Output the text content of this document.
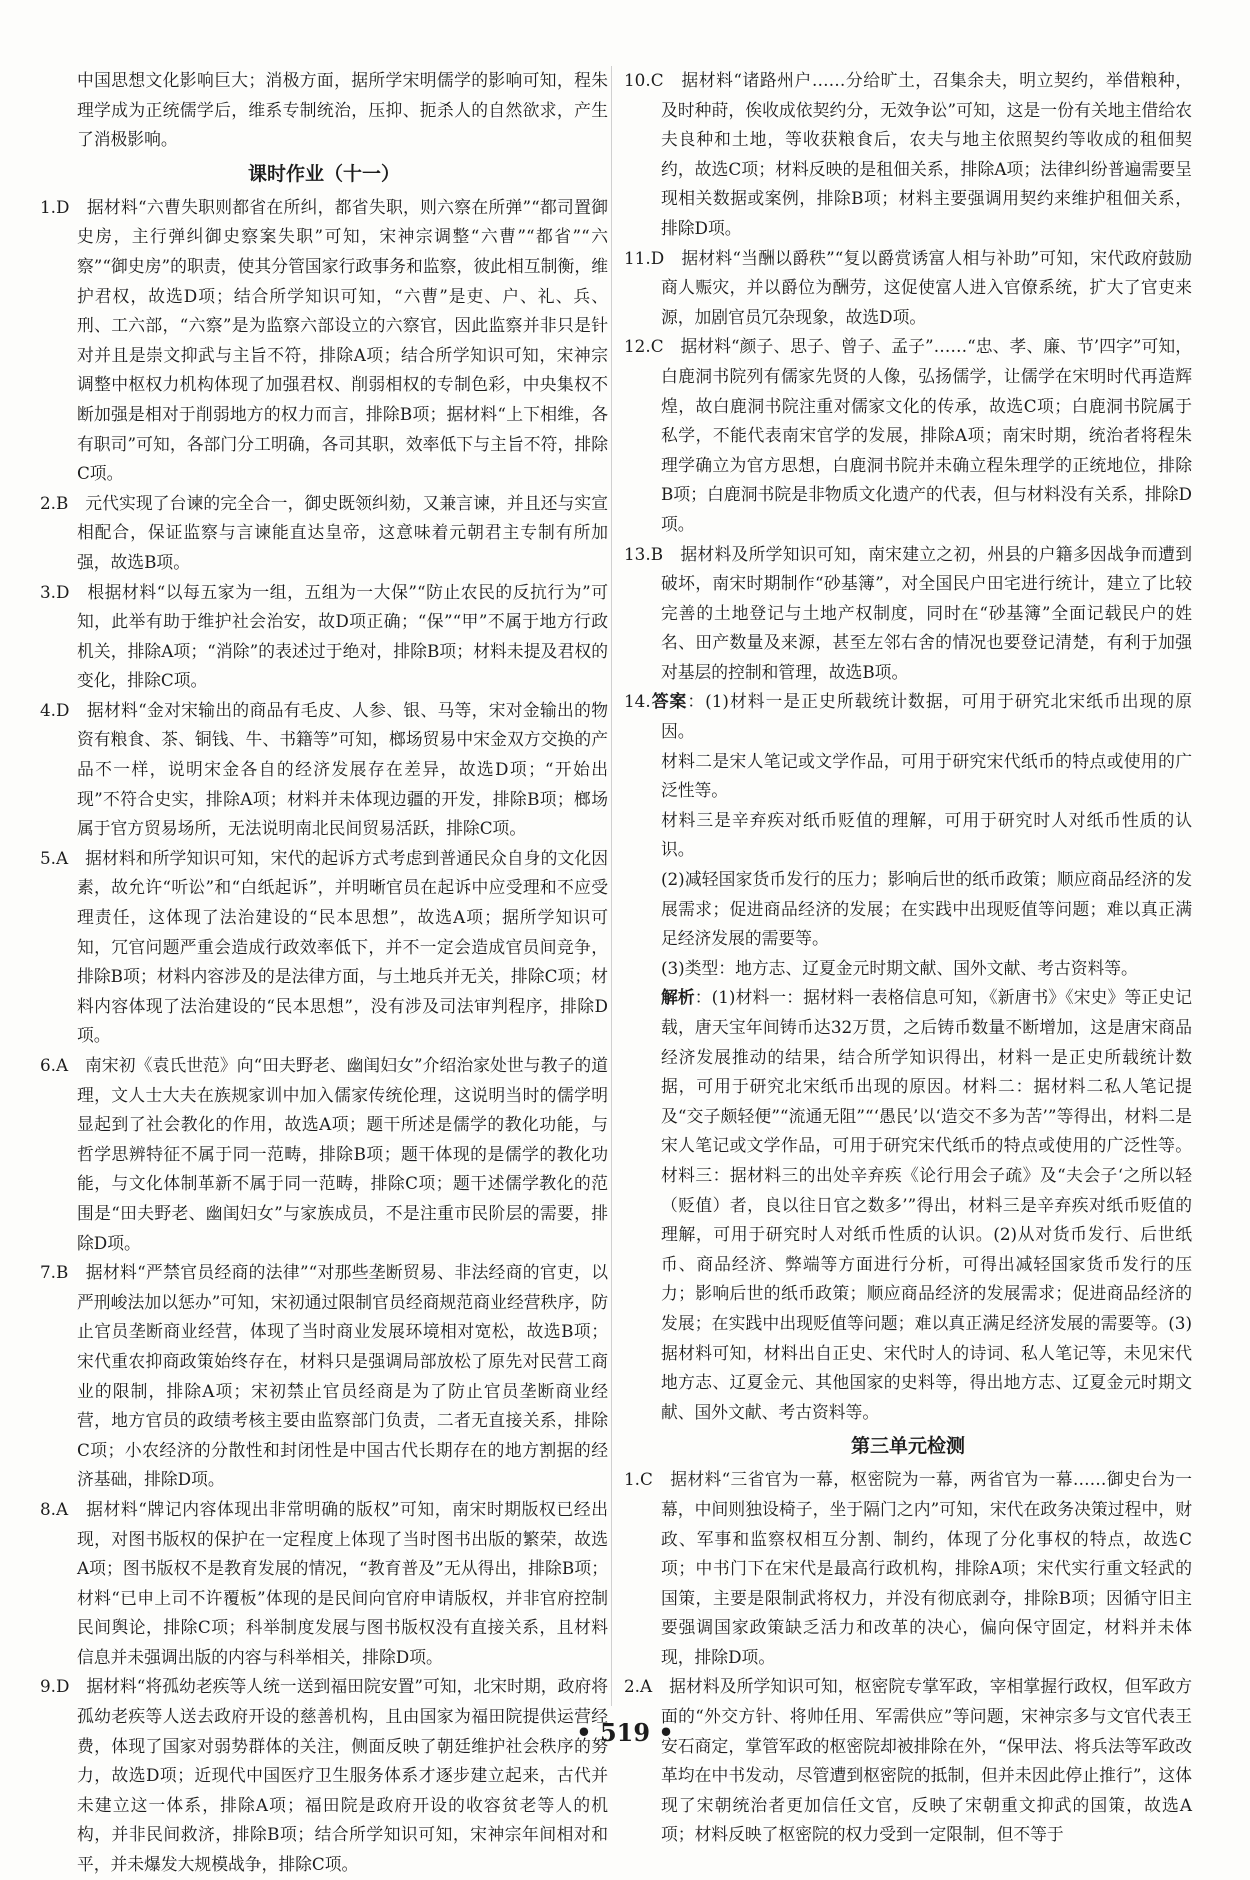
中国思想文化影响巨大；消极方面，据所学宋明儒学的影响可知，程朱理学成为正统儒学后，维系专制统治，压抑、扼杀人的自然欲求，产生了消极影响。

课时作业（十一）

1.D　据材料“六曹失职则都省在所纠，都省失职，则六察在所弹”“都司置御史房，主行弹纠御史察案失职”可知，宋神宗调整“六曹”“都省”“六察”“御史房”的职责，使其分管国家行政事务和监察，彼此相互制衡，维护君权，故选D项；结合所学知识可知，“六曹”是吏、户、礼、兵、刑、工六部，“六察”是为监察六部设立的六察官，因此监察并非只是针对并且是崇文抑武与主旨不符，排除A项；结合所学知识可知，宋神宗调整中枢权力机构体现了加强君权、削弱相权的专制色彩，中央集权不断加强是相对于削弱地方的权力而言，排除B项；据材料“上下相维，各有职司”可知，各部门分工明确，各司其职，效率低下与主旨不符，排除C项。

2.B　元代实现了台谏的完全合一，御史既领纠劾，又兼言谏，并且还与实宣相配合，保证监察与言谏能直达皇帝，这意味着元朝君主专制有所加强，故选B项。

3.D　根据材料“以每五家为一组，五组为一大保”“防止农民的反抗行为”可知，此举有助于维护社会治安，故D项正确；“保”“甲”不属于地方行政机关，排除A项；“消除”的表述过于绝对，排除B项；材料未提及君权的变化，排除C项。

4.D　据材料“金对宋输出的商品有毛皮、人参、银、马等，宋对金输出的物资有粮食、茶、铜钱、牛、书籍等”可知，榔场贸易中宋金双方交换的产品不一样，说明宋金各自的经济发展存在差异，故选D项；“开始出现”不符合史实，排除A项；材料并未体现边疆的开发，排除B项；榔场属于官方贸易场所，无法说明南北民间贸易活跃，排除C项。

5.A　据材料和所学知识可知，宋代的起诉方式考虑到普通民众自身的文化因素，故允许“听讼”和“白纸起诉”，并明晰官员在起诉中应受理和不应受理责任，这体现了法治建设的“民本思想”，故选A项；据所学知识可知，冗官问题严重会造成行政效率低下，并不一定会造成官员间竞争，排除B项；材料内容涉及的是法律方面，与土地兵并无关，排除C项；材料内容体现了法治建设的“民本思想”，没有涉及司法审判程序，排除D项。

6.A　南宋初《袁氏世范》向“田夫野老、幽闺妇女”介绍治家处世与教子的道理，文人士大夫在族规家训中加入儒家传统伦理，这说明当时的儒学明显起到了社会教化的作用，故选A项；题干所述是儒学的教化功能，与哲学思辨特征不属于同一范畴，排除B项；题干体现的是儒学的教化功能，与文化体制革新不属于同一范畴，排除C项；题干述儒学教化的范围是“田夫野老、幽闺妇女”与家族成员，不是注重市民阶层的需要，排除D项。

7.B　据材料“严禁官员经商的法律”“对那些垄断贸易、非法经商的官吏，以严刑峻法加以惩办”可知，宋初通过限制官员经商规范商业经营秩序，防止官员垄断商业经营，体现了当时商业发展环境相对宽松，故选B项；宋代重农抑商政策始终存在，材料只是强调局部放松了原先对民营工商业的限制，排除A项；宋初禁止官员经商是为了防止官员垄断商业经营，地方官员的政绩考核主要由监察部门负责，二者无直接关系，排除C项；小农经济的分散性和封闭性是中国古代长期存在的地方割据的经济基础，排除D项。

8.A　据材料“牌记内容体现出非常明确的版权”可知，南宋时期版权已经出现，对图书版权的保护在一定程度上体现了当时图书出版的繁荣，故选A项；图书版权不是教育发展的情况，“教育普及”无从得出，排除B项；材料“已申上司不许覆板”体现的是民间向官府申请版权，并非官府控制民间舆论，排除C项；科举制度发展与图书版权没有直接关系，且材料信息并未强调出版的内容与科举相关，排除D项。

9.D　据材料“将孤幼老疾等人统一送到福田院安置”可知，北宋时期，政府将孤幼老疾等人送去政府开设的慈善机构，且由国家为福田院提供运营经费，体现了国家对弱势群体的关注，侧面反映了朝廷维护社会秩序的努力，故选D项；近现代中国医疗卫生服务体系才逐步建立起来，古代并未建立这一体系，排除A项；福田院是政府开设的收容贫老等人的机构，并非民间救济，排除B项；结合所学知识可知，宋神宗年间相对和平，并未爆发大规模战争，排除C项。

10.C　据材料“诸路州户……分给旷土，召集余夫，明立契约，举借粮种，及时种莳，俟收成依契约分，无效争讼”可知，这是一份有关地主借给农夫良种和土地，等收获粮食后，农夫与地主依照契约等收成的租佃契约，故选C项；材料反映的是租佃关系，排除A项；法律纠纷普遍需要呈现相关数据或案例，排除B项；材料主要强调用契约来维护租佃关系，排除D项。

11.D　据材料“当酬以爵秩”“复以爵赏诱富人相与补助”可知，宋代政府鼓励商人赈灾，并以爵位为酬劳，这促使富人进入官僚系统，扩大了官吏来源，加剧官员冗杂现象，故选D项。

12.C　据材料“颜子、思子、曾子、孟子”……“忠、孝、廉、节’四字”可知，白鹿洞书院列有儒家先贤的人像，弘扬儒学，让儒学在宋明时代再造辉煌，故白鹿洞书院注重对儒家文化的传承，故选C项；白鹿洞书院属于私学，不能代表南宋官学的发展，排除A项；南宋时期，统治者将程朱理学确立为官方思想，白鹿洞书院并未确立程朱理学的正统地位，排除B项；白鹿洞书院是非物质文化遗产的代表，但与材料没有关系，排除D项。

13.B　据材料及所学知识可知，南宋建立之初，州县的户籍多因战争而遭到破坏，南宋时期制作“砂基簿”，对全国民户田宅进行统计，建立了比较完善的土地登记与土地产权制度，同时在“砂基簿”全面记载民户的姓名、田产数量及来源，甚至左邻右舍的情况也要登记清楚，有利于加强对基层的控制和管理，故选B项。

14.答案：(1)材料一是正史所载统计数据，可用于研究北宋纸币出现的原因。

材料二是宋人笔记或文学作品，可用于研究宋代纸币的特点或使用的广泛性等。

材料三是辛弃疾对纸币贬值的理解，可用于研究时人对纸币性质的认识。

(2)减轻国家货币发行的压力；影响后世的纸币政策；顺应商品经济的发展需求；促进商品经济的发展；在实践中出现贬值等问题；难以真正满足经济发展的需要等。

(3)类型：地方志、辽夏金元时期文献、国外文献、考古资料等。

解析：(1)材料一：据材料一表格信息可知，《新唐书》《宋史》等正史记载，唐天宝年间铸币达32万贯，之后铸币数量不断增加，这是唐宋商品经济发展推动的结果，结合所学知识得出，材料一是正史所载统计数据，可用于研究北宋纸币出现的原因。材料二：据材料二私人笔记提及“交子颇轻便”“流通无阻”“‘愚民’以‘造交不多为苦’”等得出，材料二是宋人笔记或文学作品，可用于研究宋代纸币的特点或使用的广泛性等。材料三：据材料三的出处辛弃疾《论行用会子疏》及“夫会子‘之所以轻（贬值）者，良以往日官之数多’”得出，材料三是辛弃疾对纸币贬值的理解，可用于研究时人对纸币性质的认识。(2)从对货币发行、后世纸币、商品经济、弊端等方面进行分析，可得出减轻国家货币发行的压力；影响后世的纸币政策；顺应商品经济的发展需求；促进商品经济的发展；在实践中出现贬值等问题；难以真正满足经济发展的需要等。(3)据材料可知，材料出自正史、宋代时人的诗词、私人笔记等，未见宋代地方志、辽夏金元、其他国家的史料等，得出地方志、辽夏金元时期文献、国外文献、考古资料等。

第三单元检测

1.C　据材料“三省官为一幕，枢密院为一幕，两省官为一幕……御史台为一幕，中间则独设椅子，坐于隔门之内”可知，宋代在政务决策过程中，财政、军事和监察权相互分割、制约，体现了分化事权的特点，故选C项；中书门下在宋代是最高行政机构，排除A项；宋代实行重文轻武的国策，主要是限制武将权力，并没有彻底剥夺，排除B项；因循守旧主要强调国家政策缺乏活力和改革的决心，偏向保守固定，材料并未体现，排除D项。

2.A　据材料及所学知识可知，枢密院专掌军政，宰相掌握行政权，但军政方面的“外交方针、将帅任用、军需供应”等问题，宋神宗多与文官代表王安石商定，掌管军政的枢密院却被排除在外，“保甲法、将兵法等军政改革均在中书发动，尽管遭到枢密院的抵制，但并未因此停止推行”，这体现了宋朝统治者更加信任文官，反映了宋朝重文抑武的国策，故选A项；材料反映了枢密院的权力受到一定限制，但不等于

• 519 •
